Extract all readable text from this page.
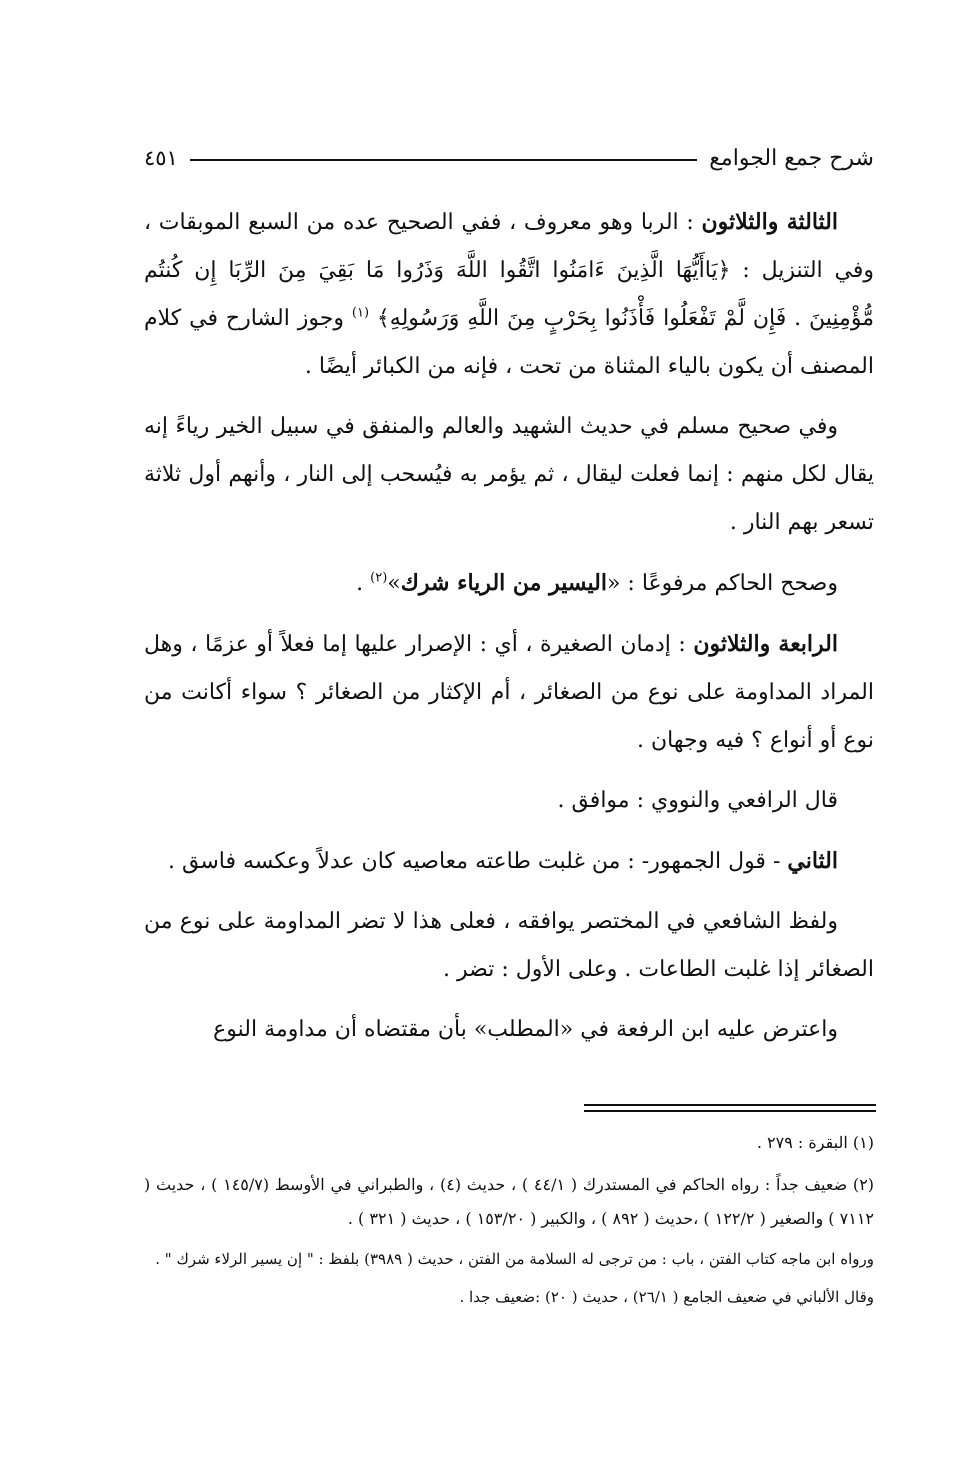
شرح جمع الجوامع
٤٥١

الثالثة والثلاثون : الربا وهو معروف ، ففي الصحيح عده من السبع الموبقات ، وفي التنزيل : ﴿يَاأَيُّهَا الَّذِينَ ءَامَنُوا اتَّقُوا اللَّهَ وَذَرُوا مَا بَقِيَ مِنَ الرِّبَا إِن كُنتُم مُّؤْمِنِينَ . فَإِن لَّمْ تَفْعَلُوا فَأْذَنُوا بِحَرْبٍ مِنَ اللَّهِ وَرَسُولِهِ﴾ $^{(١)}$ وجوز الشارح في كلام المصنف أن يكون بالياء المثناة من تحت ، فإنه من الكبائر أيضًا .

وفي صحيح مسلم في حديث الشهيد والعالم والمنفق في سبيل الخير رياءً إنه يقال لكل منهم : إنما فعلت ليقال ، ثم يؤمر به فيُسحب إلى النار ، وأنهم أول ثلاثة تسعر بهم النار .

وصحح الحاكم مرفوعًا : «اليسير من الرياء شرك»$^{(٢)}$ .

الرابعة والثلاثون : إدمان الصغيرة ، أي : الإصرار عليها إما فعلاً أو عزمًا ، وهل المراد المداومة على نوع من الصغائر ، أم الإكثار من الصغائر ؟ سواء أكانت من نوع أو أنواع ؟ فيه وجهان .

قال الرافعي والنووي : موافق .

الثاني - قول الجمهور- : من غلبت طاعته معاصيه كان عدلاً وعكسه فاسق .

ولفظ الشافعي في المختصر يوافقه ، فعلى هذا لا تضر المداومة على نوع من الصغائر إذا غلبت الطاعات . وعلى الأول : تضر .

واعترض عليه ابن الرفعة في «المطلب» بأن مقتضاه أن مداومة النوع

(١) البقرة : ٢٧٩ .

(٢) ضعيف جداً : رواه الحاكم في المستدرك ( ٤٤/١ ) ، حديث (٤) ، والطبراني في الأوسط (١٤٥/٧ ) ، حديث ( ٧١١٢ ) والصغير ( ١٢٢/٢ ) ،حديث ( ٨٩٢ ) ، والكبير ( ١٥٣/٢٠ ) ، حديث ( ٣٢١ ) .

ورواه ابن ماجه كتاب الفتن ، باب : من ترجى له السلامة من الفتن ، حديث ( ٣٩٨٩) بلفظ : " إن يسير الرلاء شرك " .

وقال الألباني في ضعيف الجامع ( ٢٦/١) ، حديث ( ٢٠) :ضعيف جدا .
